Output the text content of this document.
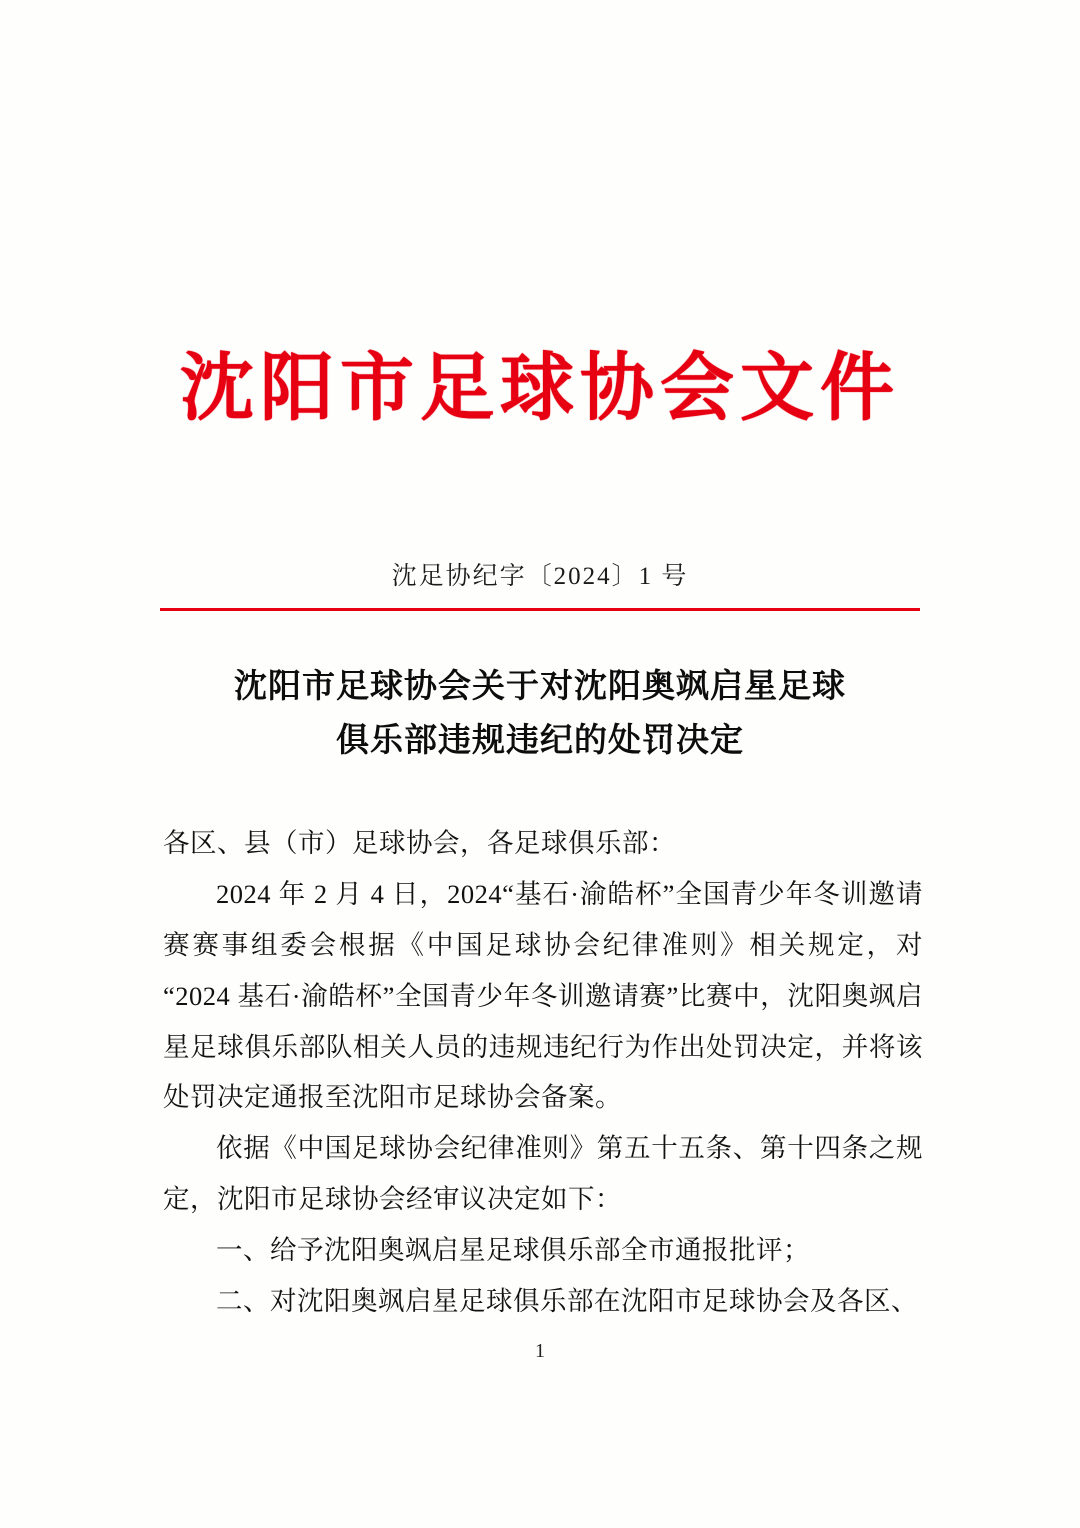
沈阳市足球协会文件
沈足协纪字〔2024〕1 号
沈阳市足球协会关于对沈阳奥飒启星足球
俱乐部违规违纪的处罚决定

各区、县（市）足球协会，各足球俱乐部：

2024 年 2 月 4 日，2024“基石·渝皓杯”全国青少年冬训邀请赛赛事组委会根据《中国足球协会纪律准则》相关规定，对“2024 基石·渝皓杯”全国青少年冬训邀请赛”比赛中，沈阳奥飒启星足球俱乐部队相关人员的违规违纪行为作出处罚决定，并将该处罚决定通报至沈阳市足球协会备案。

依据《中国足球协会纪律准则》第五十五条、第十四条之规定，沈阳市足球协会经审议决定如下：

一、给予沈阳奥飒启星足球俱乐部全市通报批评；

二、对沈阳奥飒启星足球俱乐部在沈阳市足球协会及各区、

1
